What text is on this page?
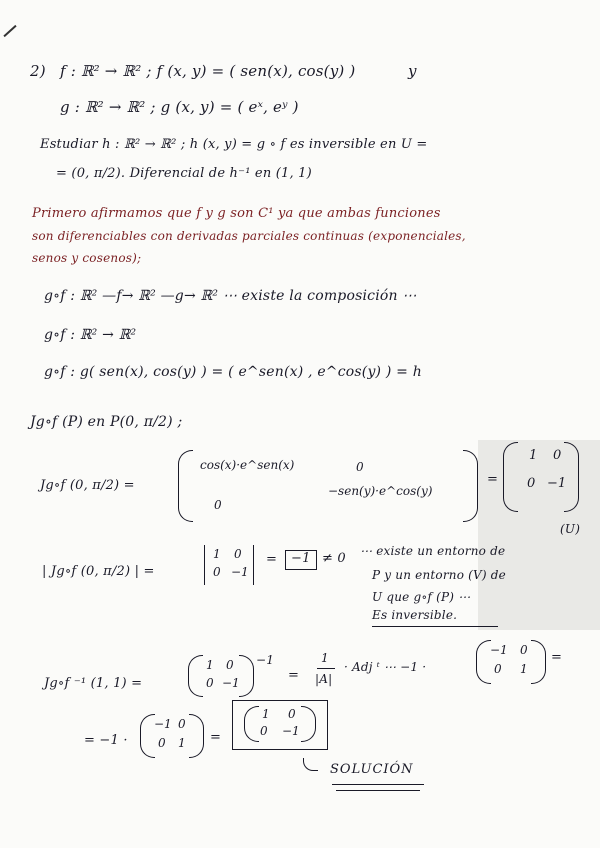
2) f : ℝ² → ℝ² ; f (x, y) = ( sen(x), cos(y) )	y
g : ℝ² → ℝ² ; g (x, y) = ( eˣ, eʸ )
Estudiar h : ℝ² → ℝ² ; h (x, y) = g ∘ f es inversible en U =
= (0, π/2). Diferencial de h⁻¹ en (1, 1)
Primero afirmamos que f y g son C¹ ya que ambas funciones
son diferenciables con derivadas parciales continuas (exponenciales,
senos y cosenos);
g∘f : ℝ² —f→ ℝ² —g→ ℝ² ⋯ existe la composición ⋯
g∘f : ℝ² → ℝ²
g∘f : g( sen(x), cos(y) ) = ( e^sen(x) , e^cos(y) ) = h
Jg∘f (P) en P(0, π/2) ;
Jg∘f (0, π/2) =
cos(x)·e^sen(x)	0
0
−sen(y)·e^cos(y)
=
1 0
0 −1
| Jg∘f (0, π/2) | =
1 0
0 −1
= −1 ≠ 0 ⋯ existe un entorno de
(U)
P y un entorno (V) de
U que g∘f (P) ⋯
Es inversible.
Jg∘f ⁻¹ (1, 1) =
1 0
0 −1
−1
=
1
|A|
· Adj ᵗ ⋯ −1 ·
−1 0
0 1
=
= −1 ·
−1 0
0 1 =
1 0
0 −1
SOLUCIÓN
